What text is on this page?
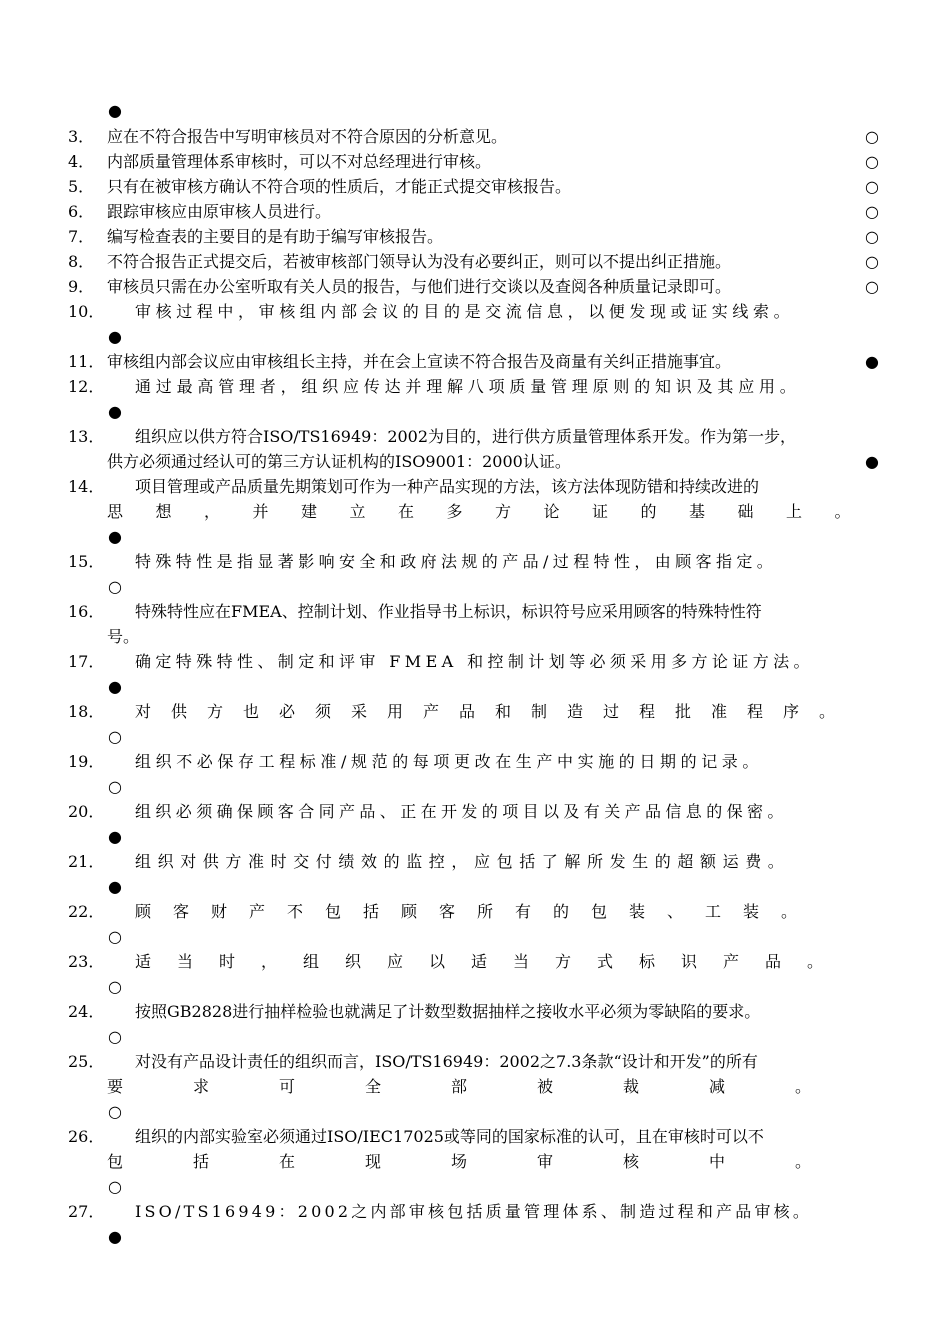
●
3． 应在不符合报告中写明审核员对不符合原因的分析意见。	○
4． 内部质量管理体系审核时，可以不对总经理进行审核。	○
5． 只有在被审核方确认不符合项的性质后，才能正式提交审核报告。	○
6． 跟踪审核应由原审核人员进行。	○
7． 编写检查表的主要目的是有助于编写审核报告。	○
8． 不符合报告正式提交后，若被审核部门领导认为没有必要纠正，则可以不提出纠正措施。	○
9． 审核员只需在办公室听取有关人员的报告，与他们进行交谈以及查阅各种质量记录即可。	○
10． 审核过程中，审核组内部会议的目的是交流信息，以便发现或证实线索。
●
11． 审核组内部会议应由审核组长主持，并在会上宣读不符合报告及商量有关纠正措施事宜。	●
12． 通过最高管理者，组织应传达并理解八项质量管理原则的知识及其应用。
●
13． 组织应以供方符合ISO/TS16949：2002为目的，进行供方质量管理体系开发。作为第一步，
供方必须通过经认可的第三方认证机构的ISO9001：2000认证。	●
14． 项目管理或产品质量先期策划可作为一种产品实现的方法，该方法体现防错和持续改进的
思想，并建立在多方论证的基础上。
●
15． 特殊特性是指显著影响安全和政府法规的产品/过程特性，由顾客指定。
○
16． 特殊特性应在FMEA、控制计划、作业指导书上标识，标识符号应采用顾客的特殊特性符
号。
17． 确定特殊特性、制定和评审 FMEA 和控制计划等必须采用多方论证方法。
●
18． 对供方也必须采用产品和制造过程批准程序。
○
19． 组织不必保存工程标准/规范的每项更改在生产中实施的日期的记录。
○
20． 组织必须确保顾客合同产品、正在开发的项目以及有关产品信息的保密。
●
21． 组织对供方准时交付绩效的监控，应包括了解所发生的超额运费。
●
22． 顾客财产不包括顾客所有的包装、工装。
○
23． 适当时，组织应以适当方式标识产品。
○
24． 按照GB2828进行抽样检验也就满足了计数型数据抽样之接收水平必须为零缺陷的要求。
○
25． 对没有产品设计责任的组织而言，ISO/TS16949：2002之7.3条款“设计和开发”的所有
要求可全部被裁减。
○
26． 组织的内部实验室必须通过ISO/IEC17025或等同的国家标准的认可，且在审核时可以不
包括在现场审核中。
○
27． ISO/TS16949：2002之内部审核包括质量管理体系、制造过程和产品审核。
●
